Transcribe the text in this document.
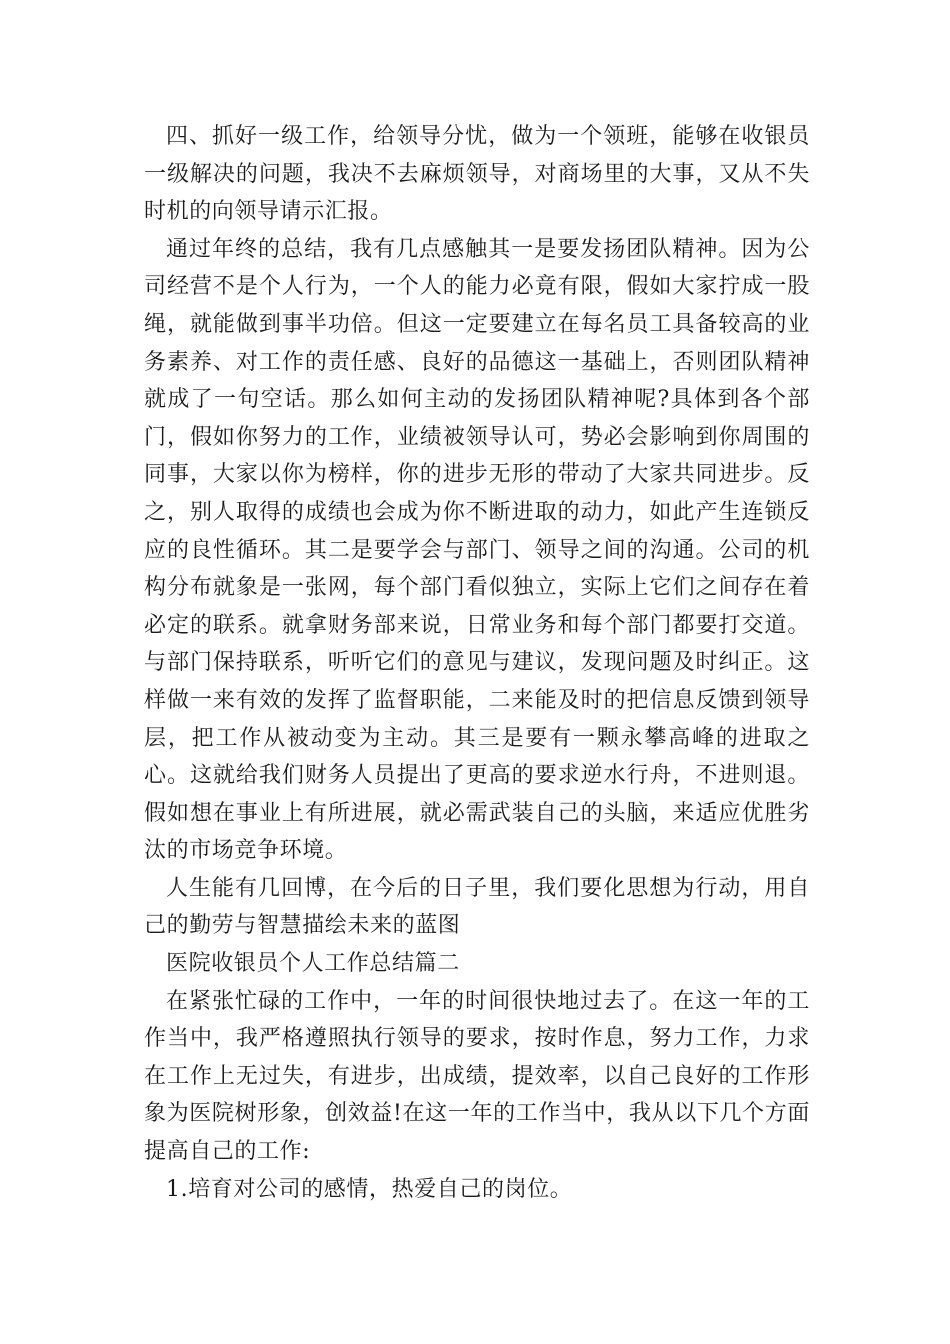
四、抓好一级工作，给领导分忧，做为一个领班，能够在收银员一级解决的问题，我决不去麻烦领导，对商场里的大事，又从不失时机的向领导请示汇报。

通过年终的总结，我有几点感触其一是要发扬团队精神。因为公司经营不是个人行为，一个人的能力必竟有限，假如大家拧成一股绳，就能做到事半功倍。但这一定要建立在每名员工具备较高的业务素养、对工作的责任感、良好的品德这一基础上，否则团队精神就成了一句空话。那么如何主动的发扬团队精神呢?具体到各个部门，假如你努力的工作，业绩被领导认可，势必会影响到你周围的同事，大家以你为榜样，你的进步无形的带动了大家共同进步。反之，别人取得的成绩也会成为你不断进取的动力，如此产生连锁反应的良性循环。其二是要学会与部门、领导之间的沟通。公司的机构分布就象是一张网，每个部门看似独立，实际上它们之间存在着必定的联系。就拿财务部来说，日常业务和每个部门都要打交道。与部门保持联系，听听它们的意见与建议，发现问题及时纠正。这样做一来有效的发挥了监督职能，二来能及时的把信息反馈到领导层，把工作从被动变为主动。其三是要有一颗永攀高峰的进取之心。这就给我们财务人员提出了更高的要求逆水行舟，不进则退。假如想在事业上有所进展，就必需武装自己的头脑，来适应优胜劣汰的市场竞争环境。

人生能有几回博，在今后的日子里，我们要化思想为行动，用自己的勤劳与智慧描绘未来的蓝图

医院收银员个人工作总结篇二

在紧张忙碌的工作中，一年的时间很快地过去了。在这一年的工作当中，我严格遵照执行领导的要求，按时作息，努力工作，力求在工作上无过失，有进步，出成绩，提效率，以自己良好的工作形象为医院树形象，创效益!在这一年的工作当中，我从以下几个方面提高自己的工作:

1.培育对公司的感情，热爱自己的岗位。
